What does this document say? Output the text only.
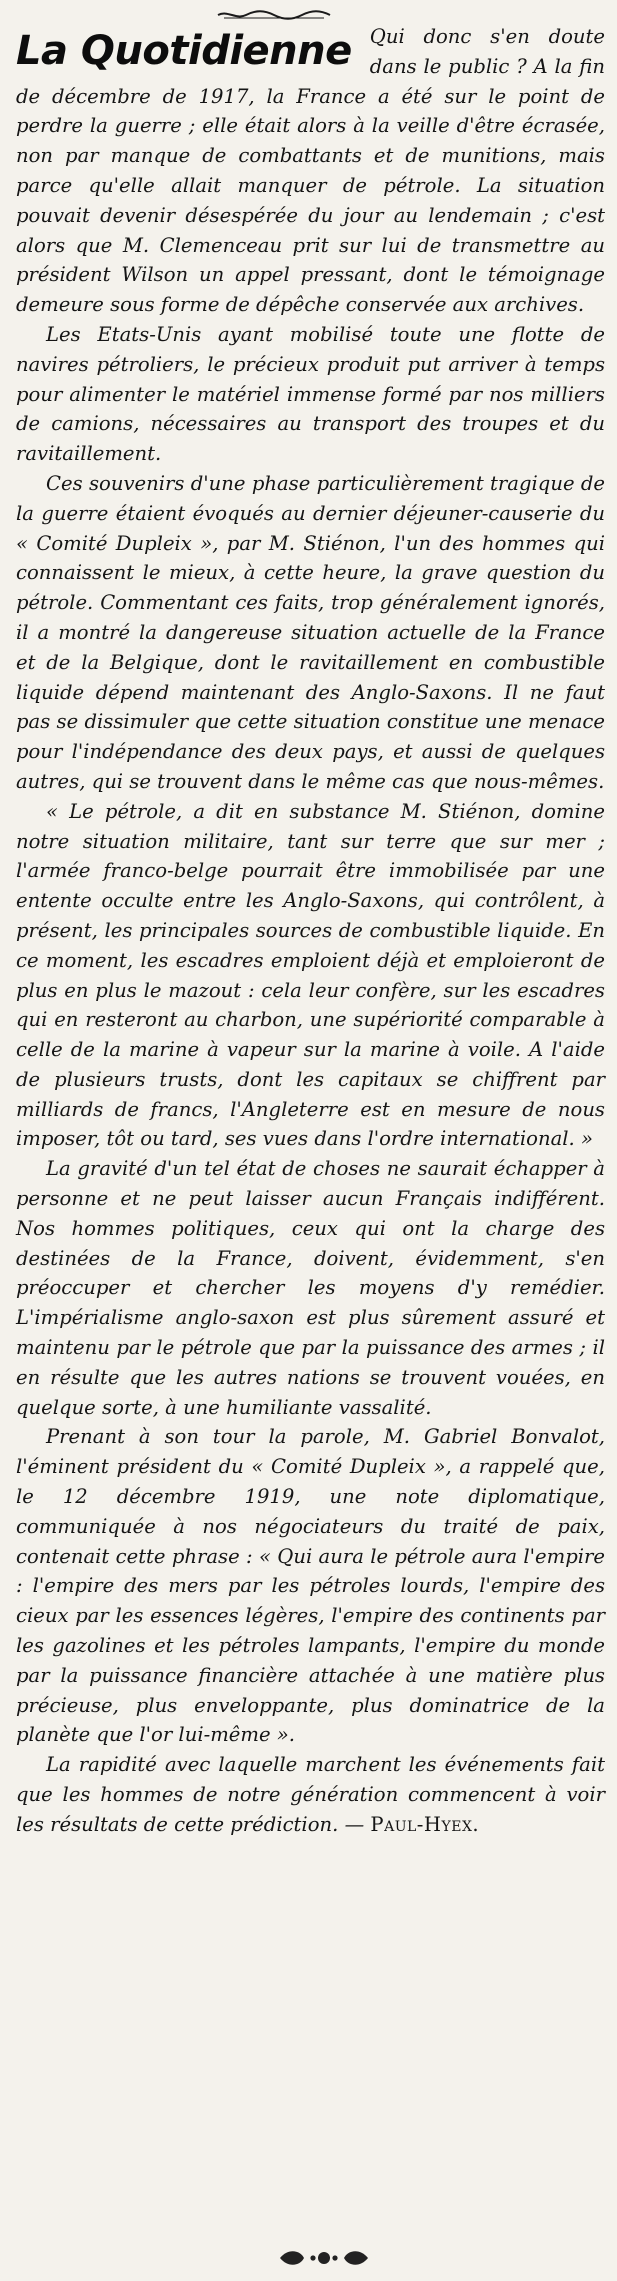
La Quotidienne Qui donc s'en doute dans le public ? A la fin de décembre de 1917, la France a été sur le point de perdre la guerre ; elle était alors à la veille d'être écrasée, non par manque de combattants et de munitions, mais parce qu'elle allait manquer de pétrole. La situation pouvait devenir désespérée du jour au lendemain ; c'est alors que M. Clemenceau prit sur lui de transmettre au président Wilson un appel pressant, dont le témoignage demeure sous forme de dépêche conservée aux archives.

Les Etats-Unis ayant mobilisé toute une flotte de navires pétroliers, le précieux produit put arriver à temps pour alimenter le matériel immense formé par nos milliers de camions, nécessaires au transport des troupes et du ravitaillement.

Ces souvenirs d'une phase particulièrement tragique de la guerre étaient évoqués au dernier déjeuner-causerie du « Comité Dupleix », par M. Stiénon, l'un des hommes qui connaissent le mieux, à cette heure, la grave question du pétrole. Commentant ces faits, trop généralement ignorés, il a montré la dangereuse situation actuelle de la France et de la Belgique, dont le ravitaillement en combustible liquide dépend maintenant des Anglo-Saxons. Il ne faut pas se dissimuler que cette situation constitue une menace pour l'indépendance des deux pays, et aussi de quelques autres, qui se trouvent dans le même cas que nous-mêmes.

« Le pétrole, a dit en substance M. Stiénon, domine notre situation militaire, tant sur terre que sur mer ; l'armée franco-belge pourrait être immobilisée par une entente occulte entre les Anglo-Saxons, qui contrôlent, à présent, les principales sources de combustible liquide. En ce moment, les escadres emploient déjà et emploieront de plus en plus le mazout : cela leur confère, sur les escadres qui en resteront au charbon, une supériorité comparable à celle de la marine à vapeur sur la marine à voile. A l'aide de plusieurs trusts, dont les capitaux se chiffrent par milliards de francs, l'Angleterre est en mesure de nous imposer, tôt ou tard, ses vues dans l'ordre international. »

La gravité d'un tel état de choses ne saurait échapper à personne et ne peut laisser aucun Français indifférent. Nos hommes politiques, ceux qui ont la charge des destinées de la France, doivent, évidemment, s'en préoccuper et chercher les moyens d'y remédier. L'impérialisme anglo-saxon est plus sûrement assuré et maintenu par le pétrole que par la puissance des armes ; il en résulte que les autres nations se trouvent vouées, en quelque sorte, à une humiliante vassalité.

Prenant à son tour la parole, M. Gabriel Bonvalot, l'éminent président du « Comité Dupleix », a rappelé que, le 12 décembre 1919, une note diplomatique, communiquée à nos négociateurs du traité de paix, contenait cette phrase : « Qui aura le pétrole aura l'empire : l'empire des mers par les pétroles lourds, l'empire des cieux par les essences légères, l'empire des continents par les gazolines et les pétroles lampants, l'empire du monde par la puissance financière attachée à une matière plus précieuse, plus enveloppante, plus dominatrice de la planète que l'or lui-même ».

La rapidité avec laquelle marchent les événements fait que les hommes de notre génération commencent à voir les résultats de cette prédiction. — Paul-Hyex.
